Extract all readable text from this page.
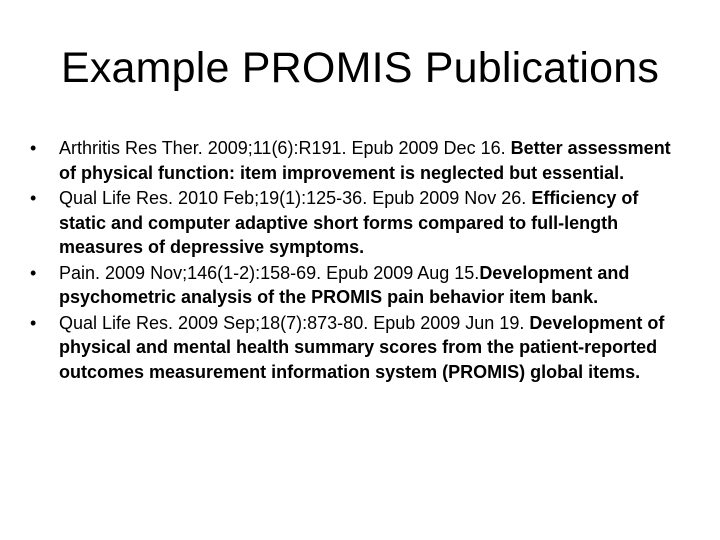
Example PROMIS Publications
•	Arthritis Res Ther. 2009;11(6):R191. Epub 2009 Dec 16. Better assessment of physical function: item improvement is neglected but essential.
•	Qual Life Res. 2010 Feb;19(1):125-36. Epub 2009 Nov 26. Efficiency of static and computer adaptive short forms compared to full-length measures of depressive symptoms.
•	Pain. 2009 Nov;146(1-2):158-69. Epub 2009 Aug 15.Development and psychometric analysis of the PROMIS pain behavior item bank.
•	Qual Life Res. 2009 Sep;18(7):873-80. Epub 2009 Jun 19. Development of physical and mental health summary scores from the patient-reported outcomes measurement information system (PROMIS) global items.
